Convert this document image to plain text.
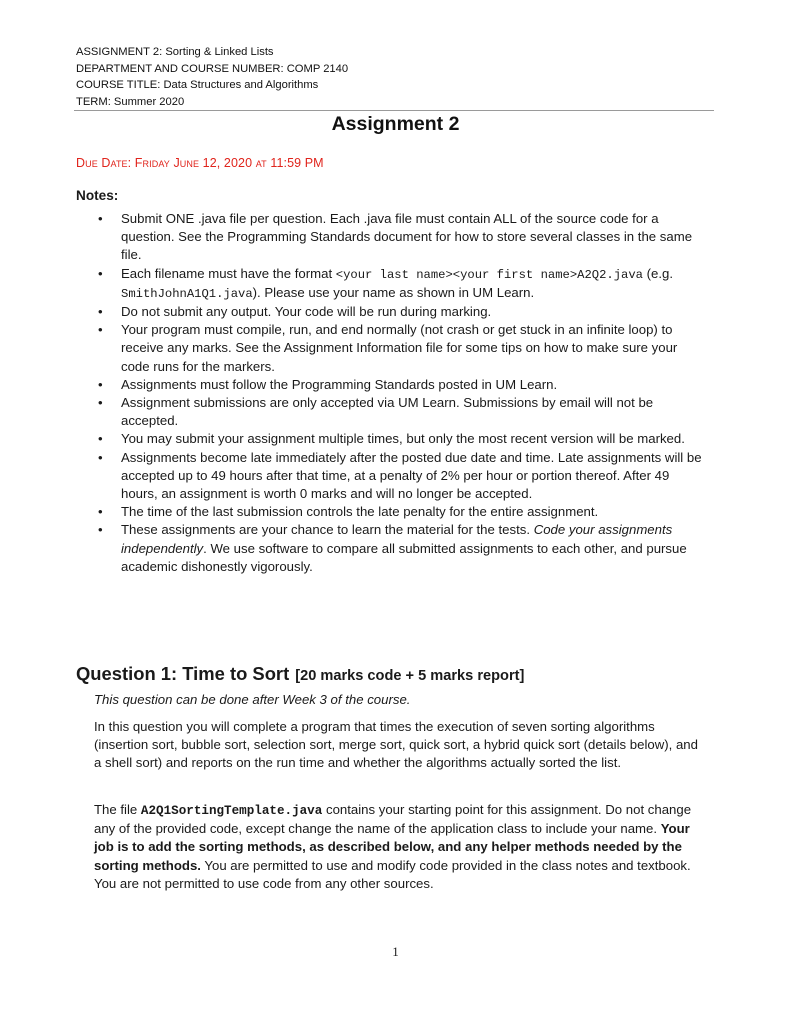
ASSIGNMENT 2: Sorting & Linked Lists
DEPARTMENT AND COURSE NUMBER: COMP 2140
COURSE TITLE: Data Structures and Algorithms
TERM: Summer 2020
Assignment 2
Due Date: Friday June 12, 2020 at 11:59 PM
Notes:
• Submit ONE .java file per question. Each .java file must contain ALL of the source code for a question. See the Programming Standards document for how to store several classes in the same file.
• Each filename must have the format <your last name><your first name>A2Q2.java (e.g. SmithJohnA1Q1.java). Please use your name as shown in UM Learn.
• Do not submit any output. Your code will be run during marking.
• Your program must compile, run, and end normally (not crash or get stuck in an infinite loop) to receive any marks. See the Assignment Information file for some tips on how to make sure your code runs for the markers.
• Assignments must follow the Programming Standards posted in UM Learn.
• Assignment submissions are only accepted via UM Learn. Submissions by email will not be accepted.
• You may submit your assignment multiple times, but only the most recent version will be marked.
• Assignments become late immediately after the posted due date and time. Late assignments will be accepted up to 49 hours after that time, at a penalty of 2% per hour or portion thereof. After 49 hours, an assignment is worth 0 marks and will no longer be accepted.
• The time of the last submission controls the late penalty for the entire assignment.
• These assignments are your chance to learn the material for the tests. Code your assignments independently. We use software to compare all submitted assignments to each other, and pursue academic dishonestly vigorously.
Question 1: Time to Sort [20 marks code + 5 marks report]
This question can be done after Week 3 of the course.

In this question you will complete a program that times the execution of seven sorting algorithms (insertion sort, bubble sort, selection sort, merge sort, quick sort, a hybrid quick sort (details below), and a shell sort) and reports on the run time and whether the algorithms actually sorted the list.

The file A2Q1SortingTemplate.java contains your starting point for this assignment. Do not change any of the provided code, except change the name of the application class to include your name. Your job is to add the sorting methods, as described below, and any helper methods needed by the sorting methods. You are permitted to use and modify code provided in the class notes and textbook. You are not permitted to use code from any other sources.

1
